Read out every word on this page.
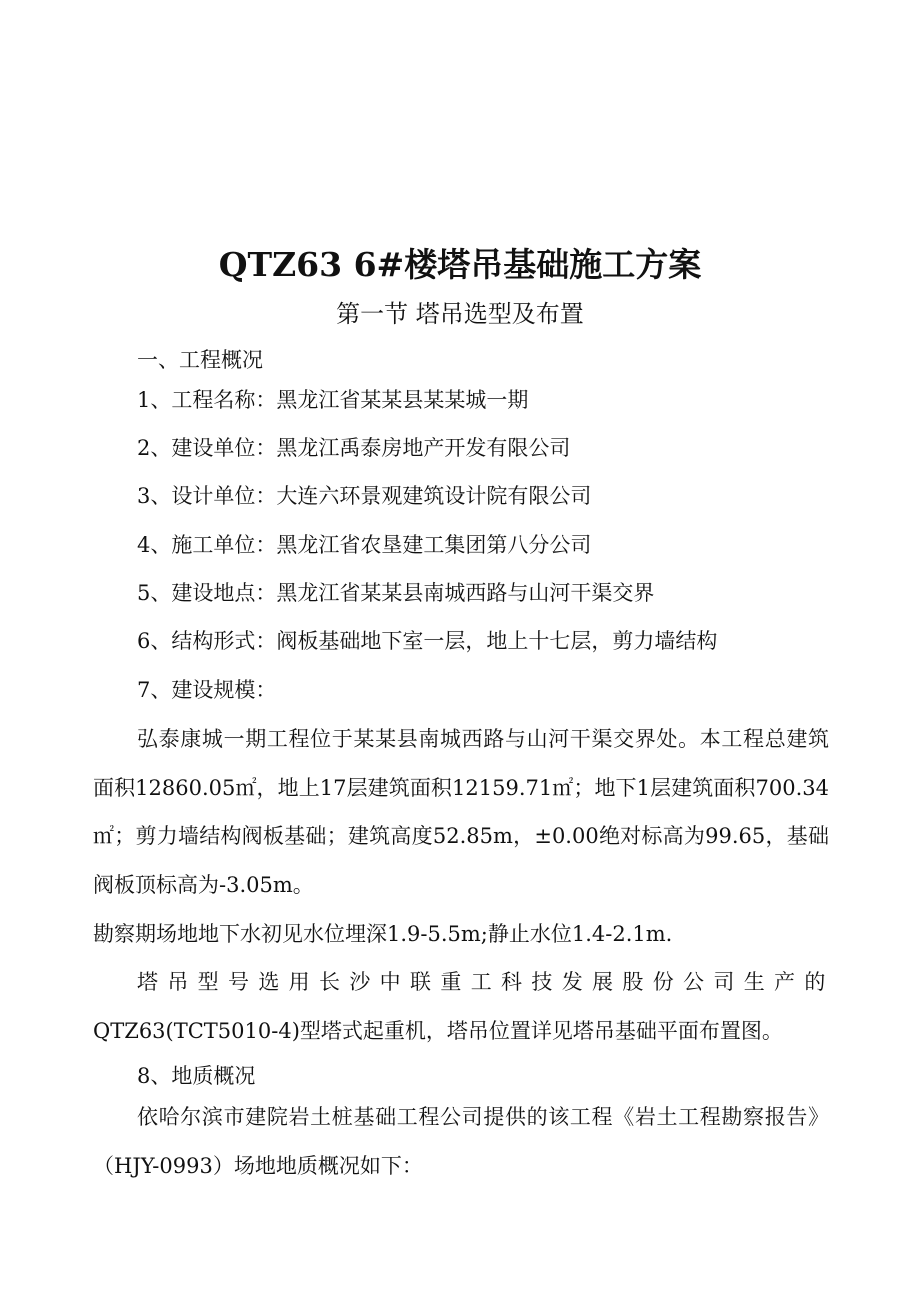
QTZ63 6#楼塔吊基础施工方案
第一节 塔吊选型及布置
一、工程概况
1、工程名称：黑龙江省某某县某某城一期
2、建设单位：黑龙江禹泰房地产开发有限公司
3、设计单位：大连六环景观建筑设计院有限公司
4、施工单位：黑龙江省农垦建工集团第八分公司
5、建设地点：黑龙江省某某县南城西路与山河干渠交界
6、结构形式：阀板基础地下室一层，地上十七层，剪力墙结构
7、建设规模：
弘泰康城一期工程位于某某县南城西路与山河干渠交界处。本工程总建筑面积12860.05㎡，地上17层建筑面积12159.71㎡；地下1层建筑面积700.34㎡；剪力墙结构阀板基础；建筑高度52.85m，±0.00绝对标高为99.65，基础阀板顶标高为-3.05m。
勘察期场地地下水初见水位埋深1.9-5.5m;静止水位1.4-2.1m.
塔吊型号选用长沙中联重工科技发展股份公司生产的
QTZ63(TCT5010-4)型塔式起重机，塔吊位置详见塔吊基础平面布置图。
8、地质概况
依哈尔滨市建院岩土桩基础工程公司提供的该工程《岩土工程勘察报告》（HJY-0993）场地地质概况如下：
